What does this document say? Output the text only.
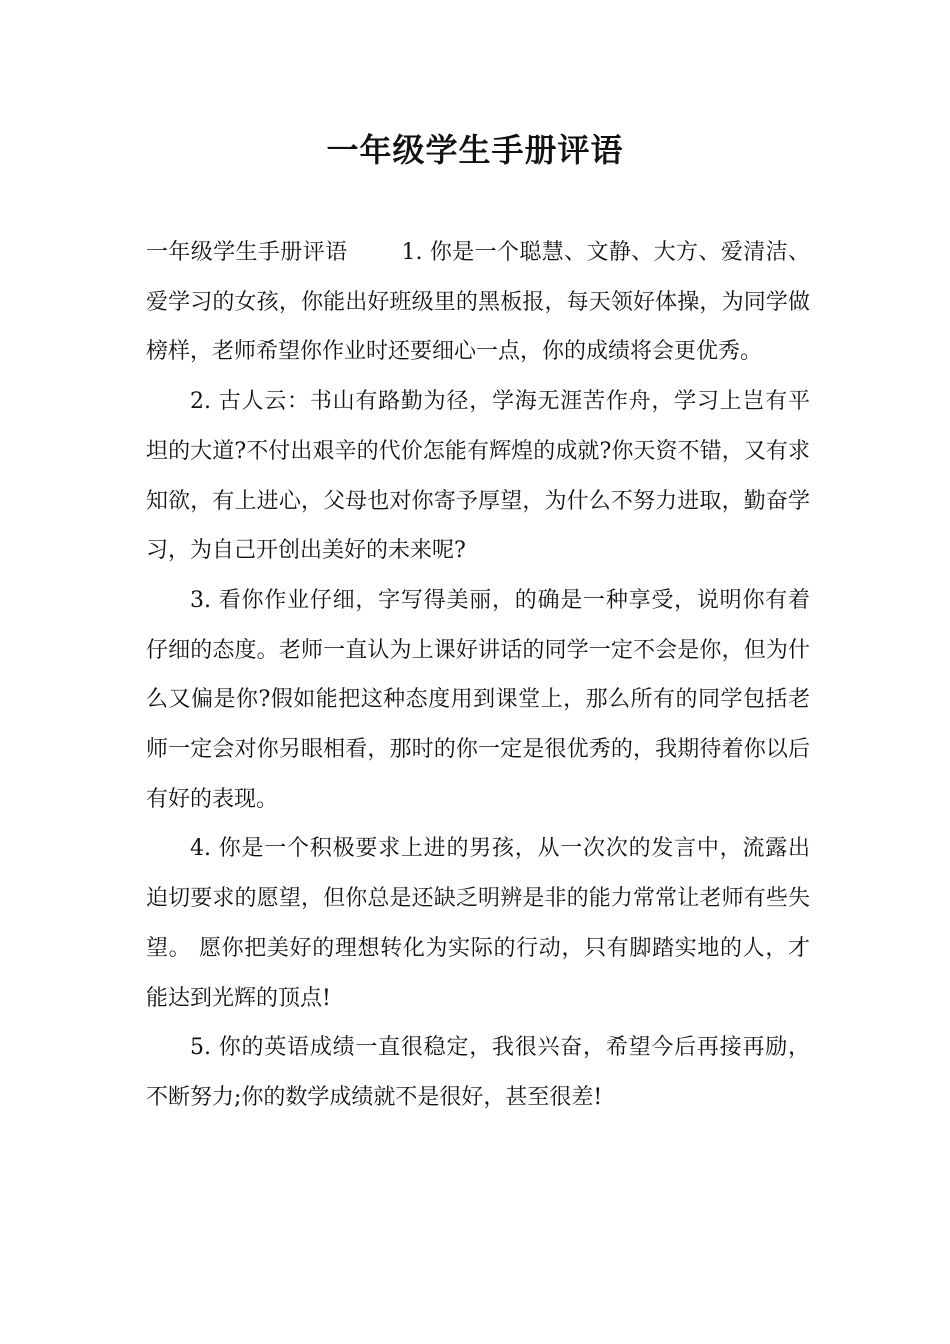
一年级学生手册评语

一年级学生手册评语 1. 你是一个聪慧、文静、大方、爱清洁、爱学习的女孩，你能出好班级里的黑板报，每天领好体操，为同学做榜样，老师希望你作业时还要细心一点，你的成绩将会更优秀。

2. 古人云：书山有路勤为径，学海无涯苦作舟，学习上岂有平坦的大道?不付出艰辛的代价怎能有辉煌的成就?你天资不错，又有求知欲，有上进心，父母也对你寄予厚望，为什么不努力进取，勤奋学习，为自己开创出美好的未来呢?

3. 看你作业仔细，字写得美丽，的确是一种享受，说明你有着仔细的态度。老师一直认为上课好讲话的同学一定不会是你，但为什么又偏是你?假如能把这种态度用到课堂上，那么所有的同学包括老师一定会对你另眼相看，那时的你一定是很优秀的，我期待着你以后有好的表现。

4. 你是一个积极要求上进的男孩，从一次次的发言中，流露出迫切要求的愿望，但你总是还缺乏明辨是非的能力常常让老师有些失望。 愿你把美好的理想转化为实际的行动，只有脚踏实地的人，才能达到光辉的顶点!

5. 你的英语成绩一直很稳定，我很兴奋，希望今后再接再励，不断努力;你的数学成绩就不是很好，甚至很差!
